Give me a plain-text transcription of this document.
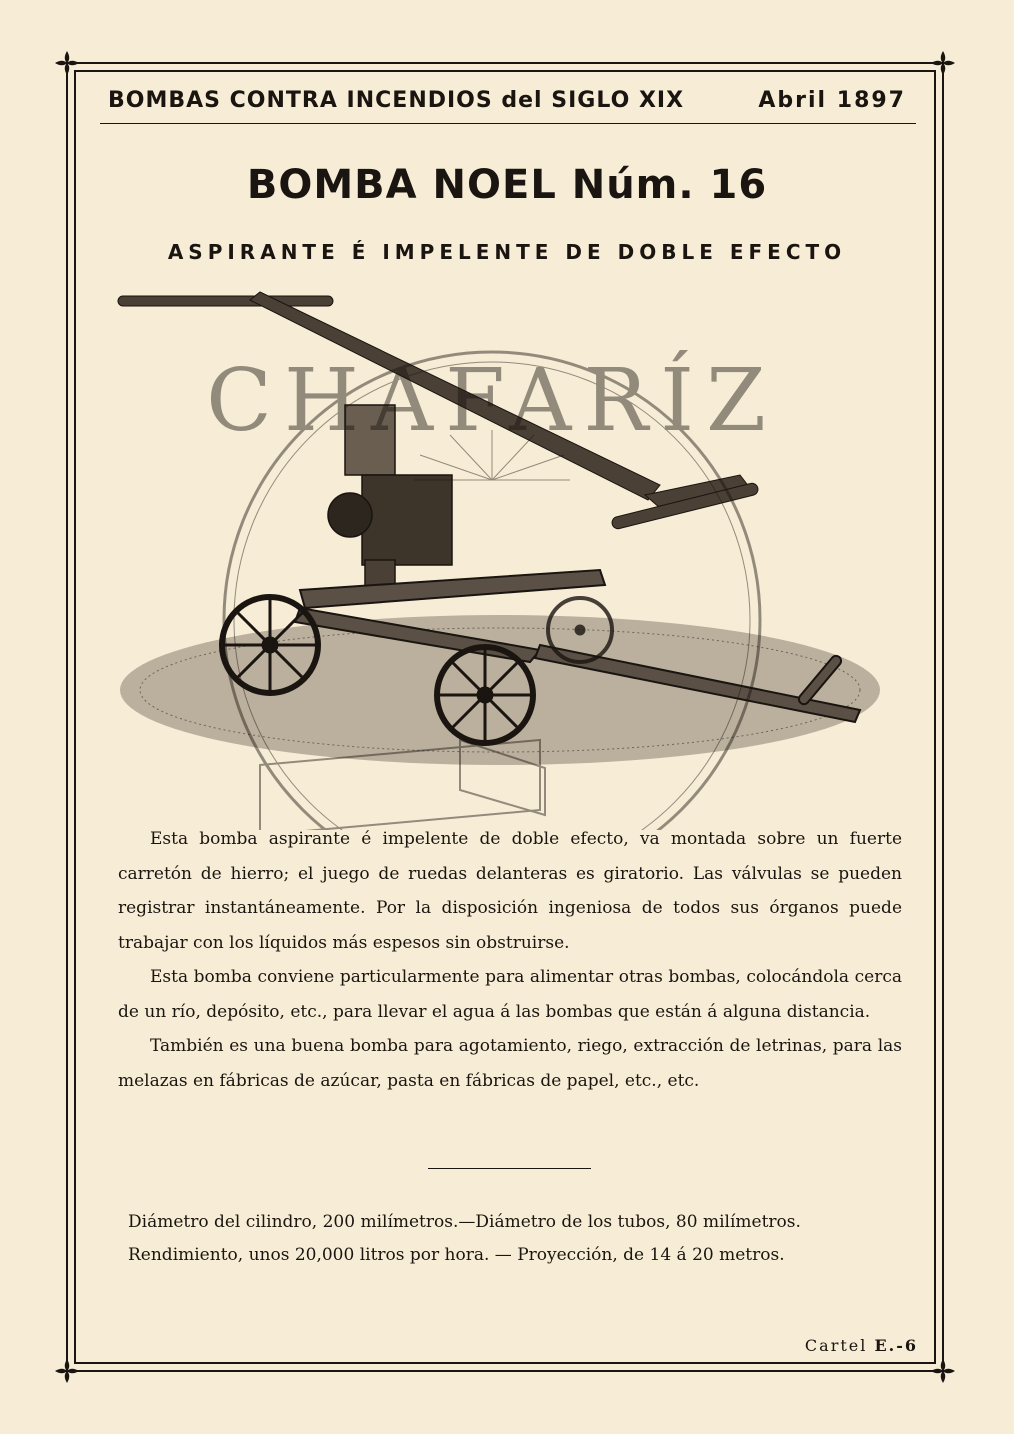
BOMBAS CONTRA INCENDIOS del SIGLO XIX	Abril 1897
BOMBA NOEL Núm. 16
ASPIRANTE É IMPELENTE DE DOBLE EFECTO
CHAFARÍZ

Esta bomba aspirante é impelente de doble efecto, va montada sobre un fuerte carretón de hierro; el juego de ruedas delanteras es giratorio. Las válvulas se pueden registrar instantáneamente. Por la disposición ingeniosa de todos sus órganos puede trabajar con los líquidos más espesos sin obstruirse.

Esta bomba conviene particularmente para alimentar otras bombas, colocándola cerca de un río, depósito, etc., para llevar el agua á las bombas que están á alguna distancia.

También es una buena bomba para agotamiento, riego, extracción de letrinas, para las melazas en fábricas de azúcar, pasta en fábricas de papel, etc., etc.

Diámetro del cilindro, 200 milímetros.—Diámetro de los tubos, 80 milímetros.
Rendimiento, unos 20,000 litros por hora. — Proyección, de 14 á 20 metros.
Cartel E.-6
